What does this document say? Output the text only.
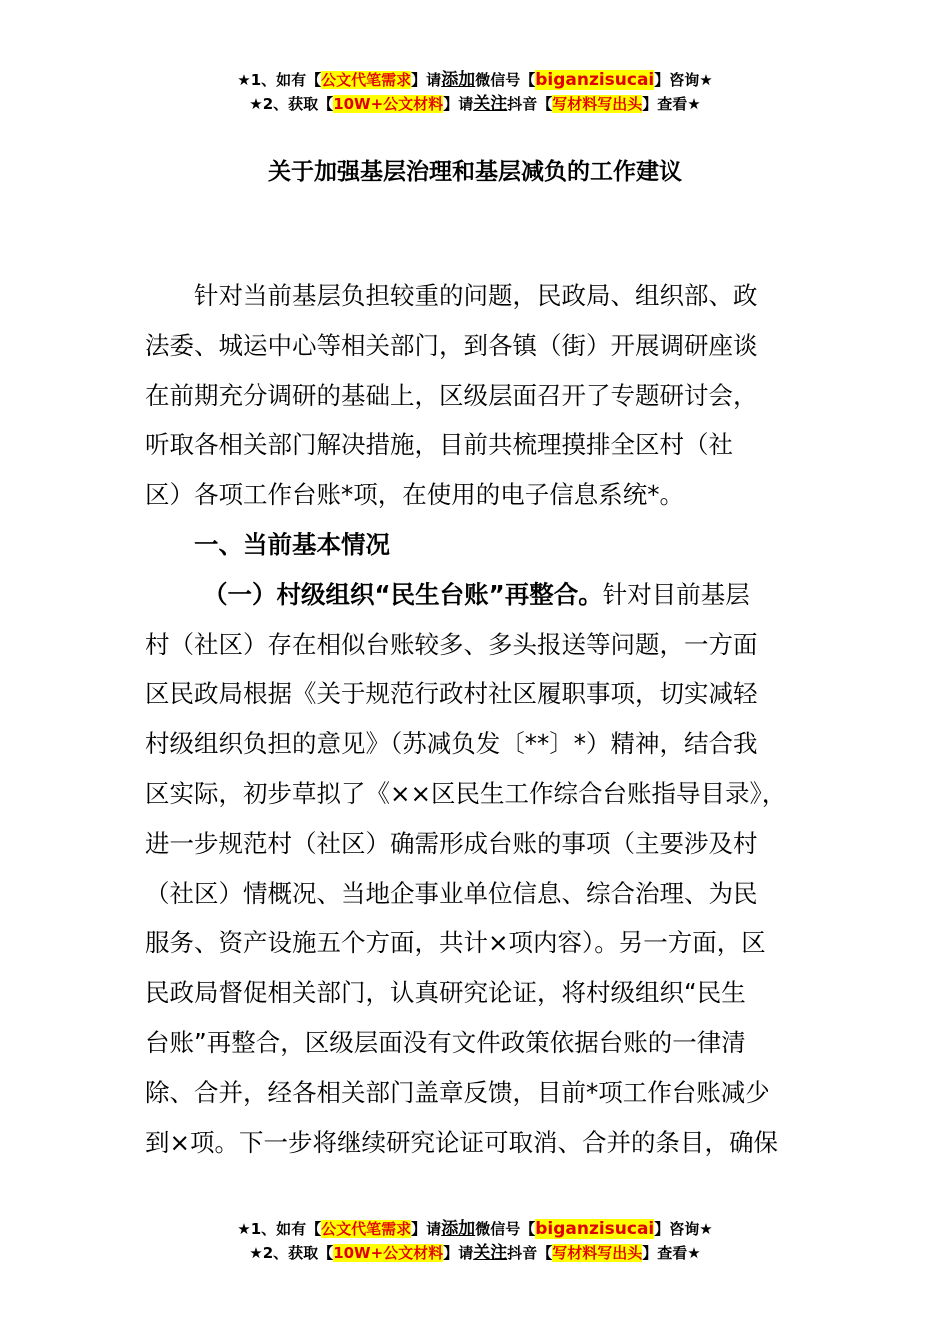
★1、如有【公文代笔需求】请添加微信号【biganzisucai】咨询★
★2、获取【10W+公文材料】请关注抖音【写材料写出头】查看★
关于加强基层治理和基层减负的工作建议
针对当前基层负担较重的问题，民政局、组织部、政
法委、城运中心等相关部门，到各镇（街）开展调研座谈
在前期充分调研的基础上，区级层面召开了专题研讨会，
听取各相关部门解决措施，目前共梳理摸排全区村（社
区）各项工作台账*项，在使用的电子信息系统*。
一、当前基本情况
（一）村级组织“民生台账”再整合。针对目前基层
村（社区）存在相似台账较多、多头报送等问题，一方面
区民政局根据《关于规范行政村社区履职事项，切实减轻
村级组织负担的意见》（苏减负发〔**〕*）精神，结合我
区实际，初步草拟了《××区民生工作综合台账指导目录》，
进一步规范村（社区）确需形成台账的事项（主要涉及村
（社区）情概况、当地企事业单位信息、综合治理、为民
服务、资产设施五个方面，共计×项内容）。另一方面，区
民政局督促相关部门，认真研究论证，将村级组织“民生
台账”再整合，区级层面没有文件政策依据台账的一律清
除、合并，经各相关部门盖章反馈，目前*项工作台账减少
到×项。下一步将继续研究论证可取消、合并的条目，确保
★1、如有【公文代笔需求】请添加微信号【biganzisucai】咨询★
★2、获取【10W+公文材料】请关注抖音【写材料写出头】查看★
